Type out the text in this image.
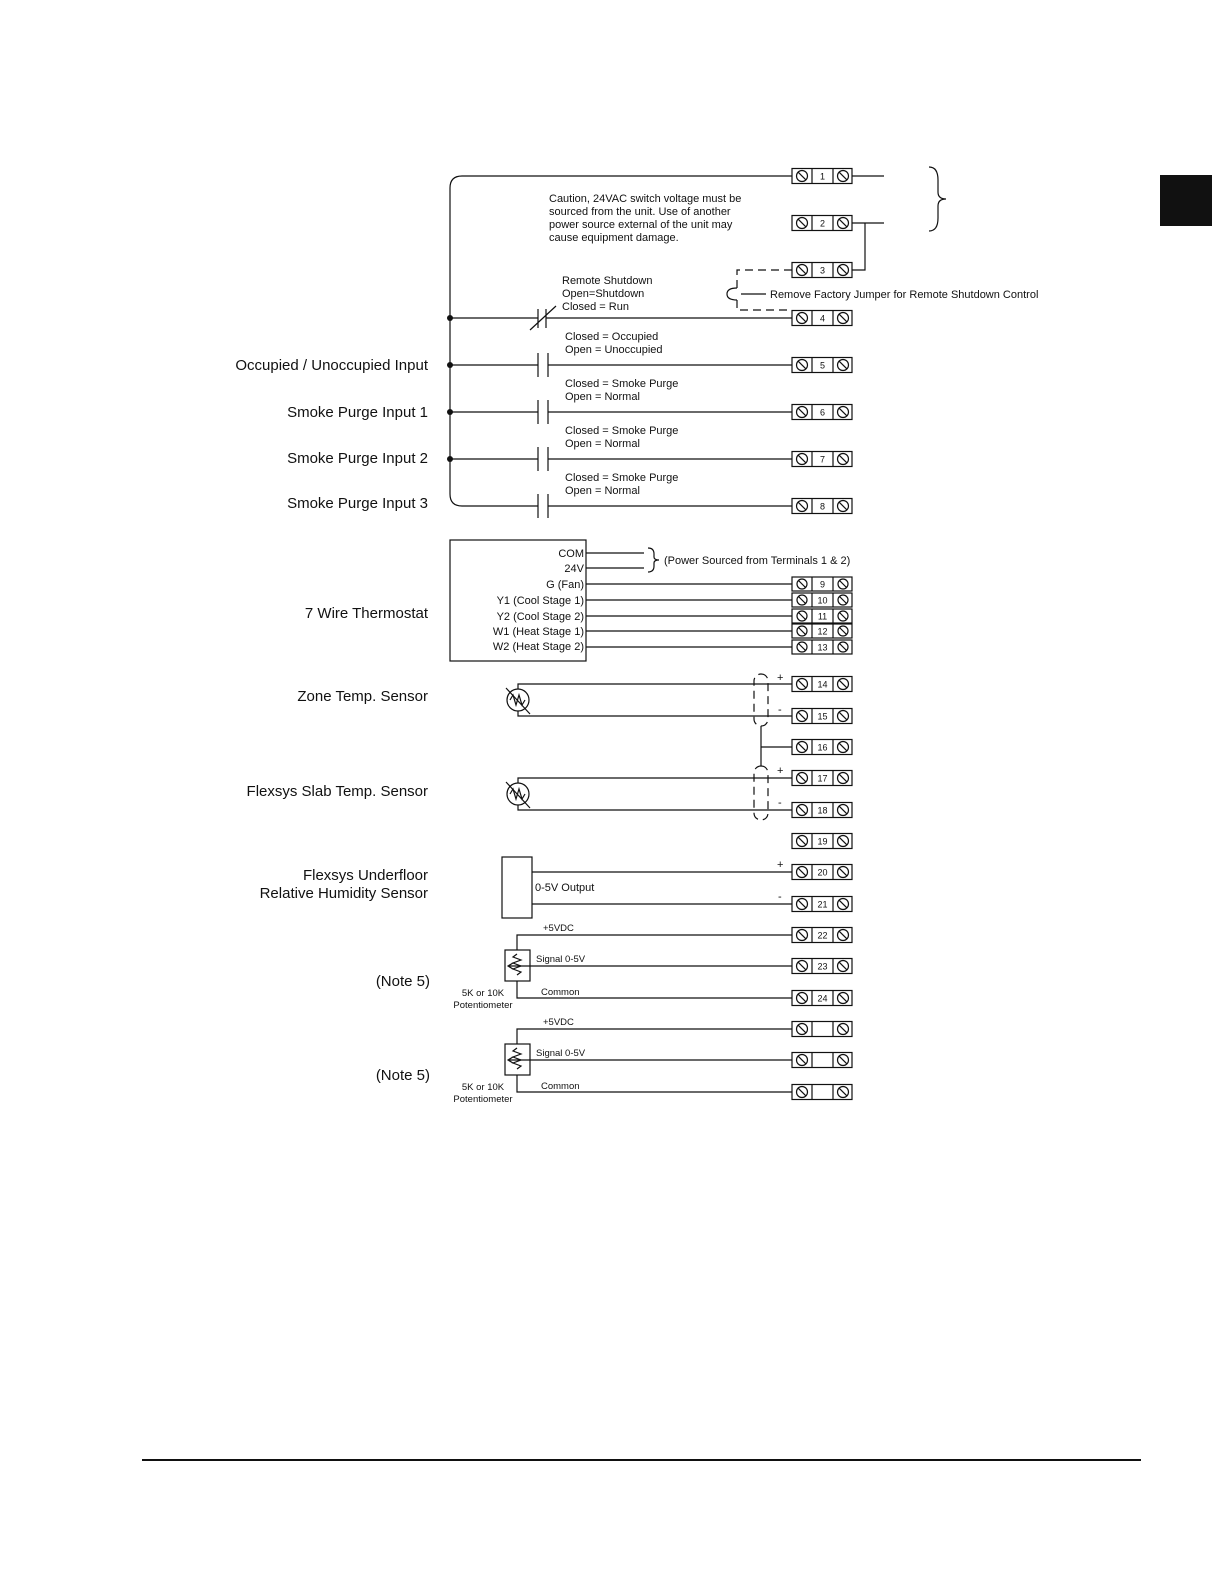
Occupied / Unoccupied Input
Smoke Purge Input 1
Smoke Purge Input 2
Smoke Purge Input 3
7 Wire Thermostat
Zone Temp. Sensor
Flexsys Slab Temp. Sensor
Flexsys Underfloor
Relative Humidity Sensor
(Note 5)
(Note 5)
1
2
3
4
5
6
7
8
9
10
11
12
13
14
15
16
17
18
19
20
21
22
23
24
Caution, 24VAC switch voltage must be
sourced from the unit. Use of another
power source external of the unit may
cause equipment damage.
Remote Shutdown
Open=Shutdown
Closed = Run
Remove Factory Jumper for Remote Shutdown Control
Closed = Occupied
Open = Unoccupied
Closed = Smoke Purge
Open = Normal
Closed = Smoke Purge
Open = Normal
Closed = Smoke Purge
Open = Normal
COM
24V
G (Fan)
Y1 (Cool Stage 1)
Y2 (Cool Stage 2)
W1 (Heat Stage 1)
W2 (Heat Stage 2)
(Power Sourced from Terminals 1 & 2)
+
-
+
-
0-5V Output
+
-
+5VDC
Signal 0-5V
Common
5K or 10K
Potentiometer
+5VDC
Signal 0-5V
Common
5K or 10K
Potentiometer
